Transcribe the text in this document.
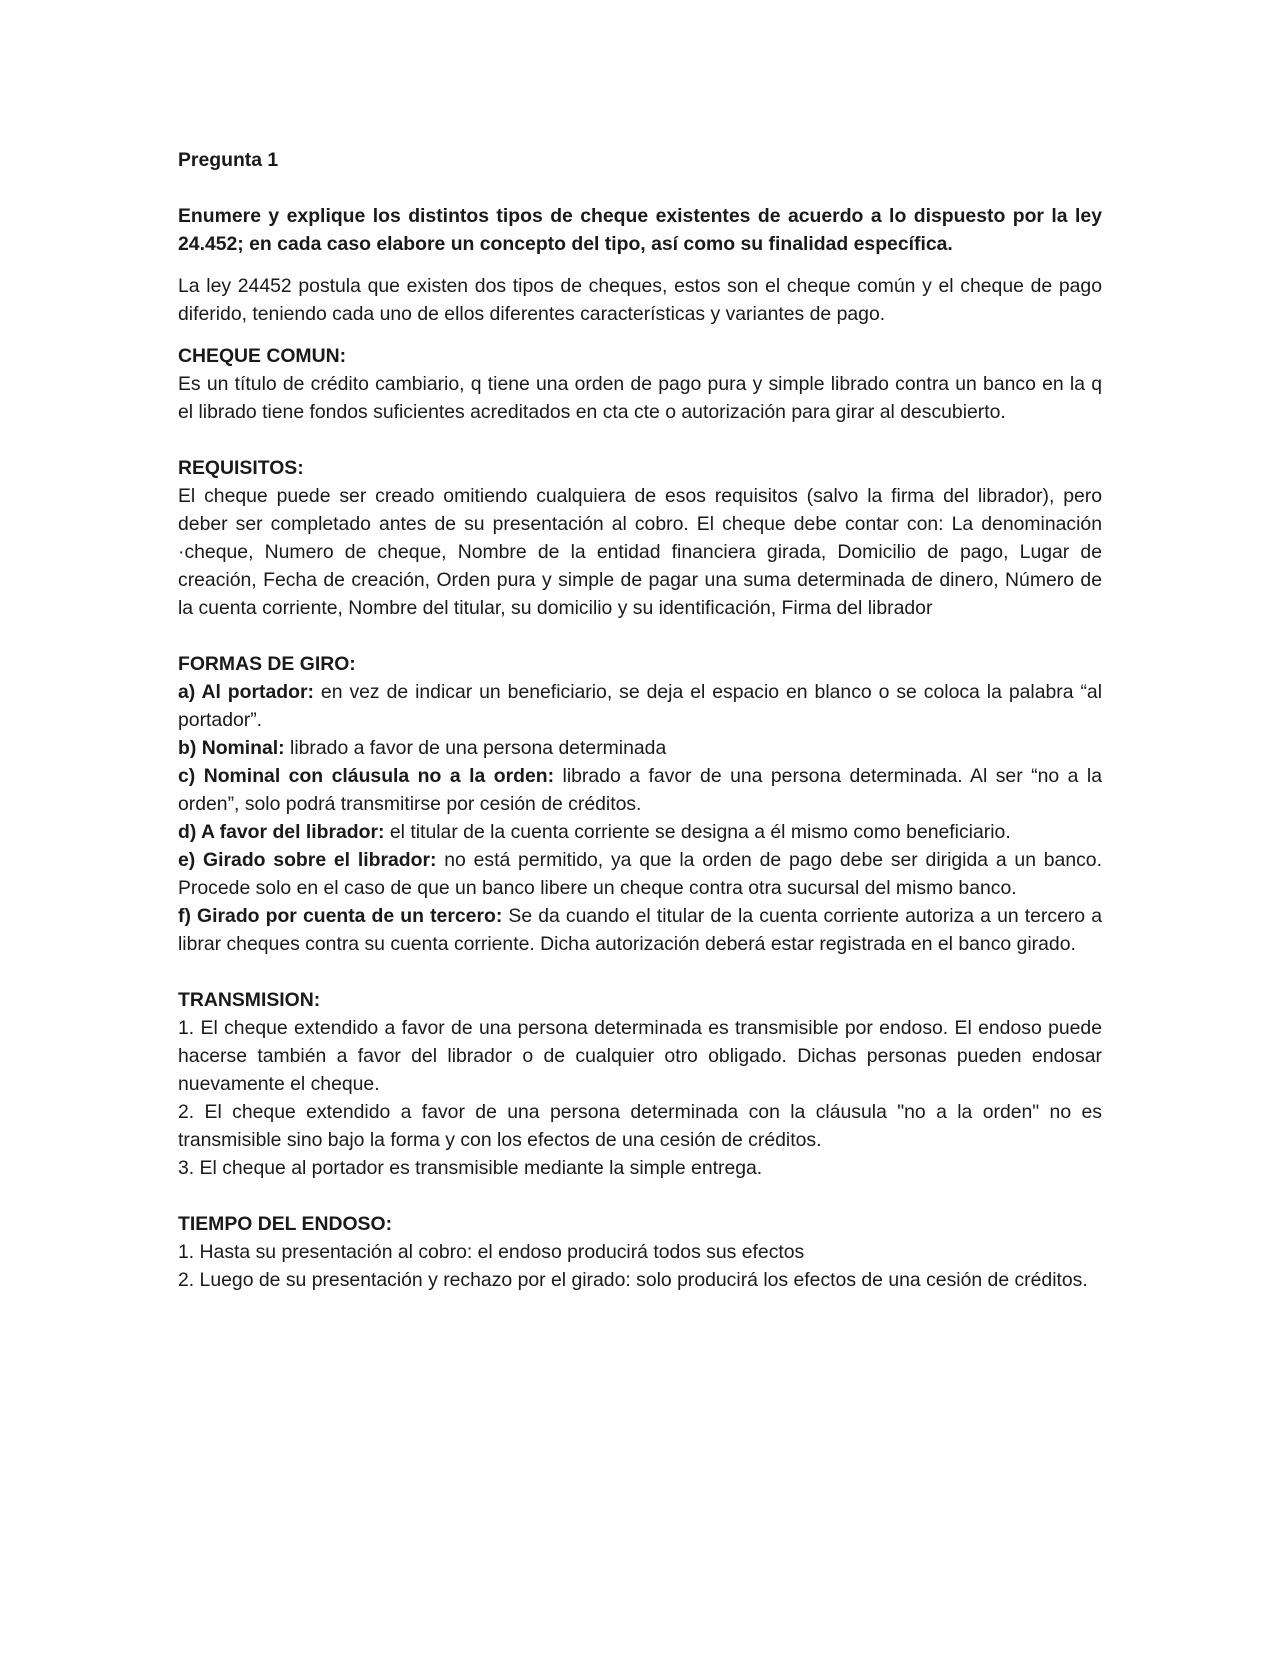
Pregunta 1

Enumere y explique los distintos tipos de cheque existentes de acuerdo a lo dispuesto por la ley 24.452; en cada caso elabore un concepto del tipo, así como su finalidad específica.

La ley 24452 postula que existen dos tipos de cheques, estos son el cheque común y el cheque de pago diferido, teniendo cada uno de ellos diferentes características y variantes de pago.

CHEQUE COMUN:

Es un título de crédito cambiario, q tiene una orden de pago pura y simple librado contra un banco en la q el librado tiene fondos suficientes acreditados en cta cte o autorización para girar al descubierto.

REQUISITOS:

El cheque puede ser creado omitiendo cualquiera de esos requisitos (salvo la firma del librador), pero deber ser completado antes de su presentación al cobro. El cheque debe contar con: La denominación ·cheque, Numero de cheque, Nombre de la entidad financiera girada, Domicilio de pago, Lugar de creación, Fecha de creación, Orden pura y simple de pagar una suma determinada de dinero, Número de la cuenta corriente, Nombre del titular, su domicilio y su identificación, Firma del librador

FORMAS DE GIRO:

a) Al portador: en vez de indicar un beneficiario, se deja el espacio en blanco o se coloca la palabra “al portador”.

b) Nominal: librado a favor de una persona determinada

c) Nominal con cláusula no a la orden: librado a favor de una persona determinada. Al ser “no a la orden”, solo podrá transmitirse por cesión de créditos.

d) A favor del librador: el titular de la cuenta corriente se designa a él mismo como beneficiario.

e) Girado sobre el librador: no está permitido, ya que la orden de pago debe ser dirigida a un banco. Procede solo en el caso de que un banco libere un cheque contra otra sucursal del mismo banco.

f) Girado por cuenta de un tercero: Se da cuando el titular de la cuenta corriente autoriza a un tercero a librar cheques contra su cuenta corriente. Dicha autorización deberá estar registrada en el banco girado.

TRANSMISION:

1. El cheque extendido a favor de una persona determinada es transmisible por endoso. El endoso puede hacerse también a favor del librador o de cualquier otro obligado. Dichas personas pueden endosar nuevamente el cheque.

2. El cheque extendido a favor de una persona determinada con la cláusula "no a la orden" no es transmisible sino bajo la forma y con los efectos de una cesión de créditos.

3. El cheque al portador es transmisible mediante la simple entrega.

TIEMPO DEL ENDOSO:

1. Hasta su presentación al cobro: el endoso producirá todos sus efectos

2. Luego de su presentación y rechazo por el girado: solo producirá los efectos de una cesión de créditos.
